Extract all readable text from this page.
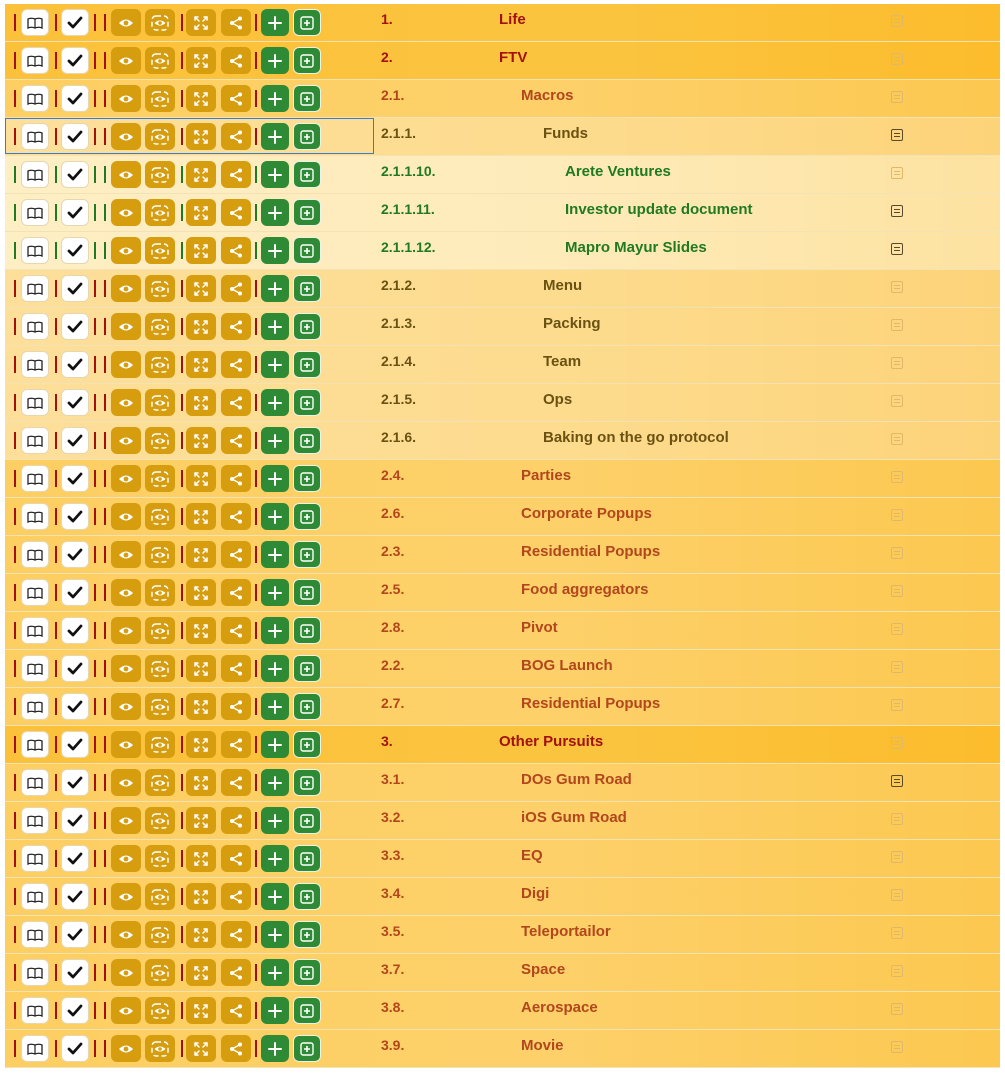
1.	Life
2.	FTV
2.1.	Macros
2.1.1.	Funds
2.1.1.10.	Arete Ventures
2.1.1.11.	Investor update document
2.1.1.12.	Mapro Mayur Slides
2.1.2.	Menu
2.1.3.	Packing
2.1.4.	Team
2.1.5.	Ops
2.1.6.	Baking on the go protocol
2.4.	Parties
2.6.	Corporate Popups
2.3.	Residential Popups
2.5.	Food aggregators
2.8.	Pivot
2.2.	BOG Launch
2.7.	Residential Popups
3.	Other Pursuits
3.1.	DOs Gum Road
3.2.	iOS Gum Road
3.3.	EQ
3.4.	Digi
3.5.	Teleportailor
3.7.	Space
3.8.	Aerospace
3.9.	Movie
